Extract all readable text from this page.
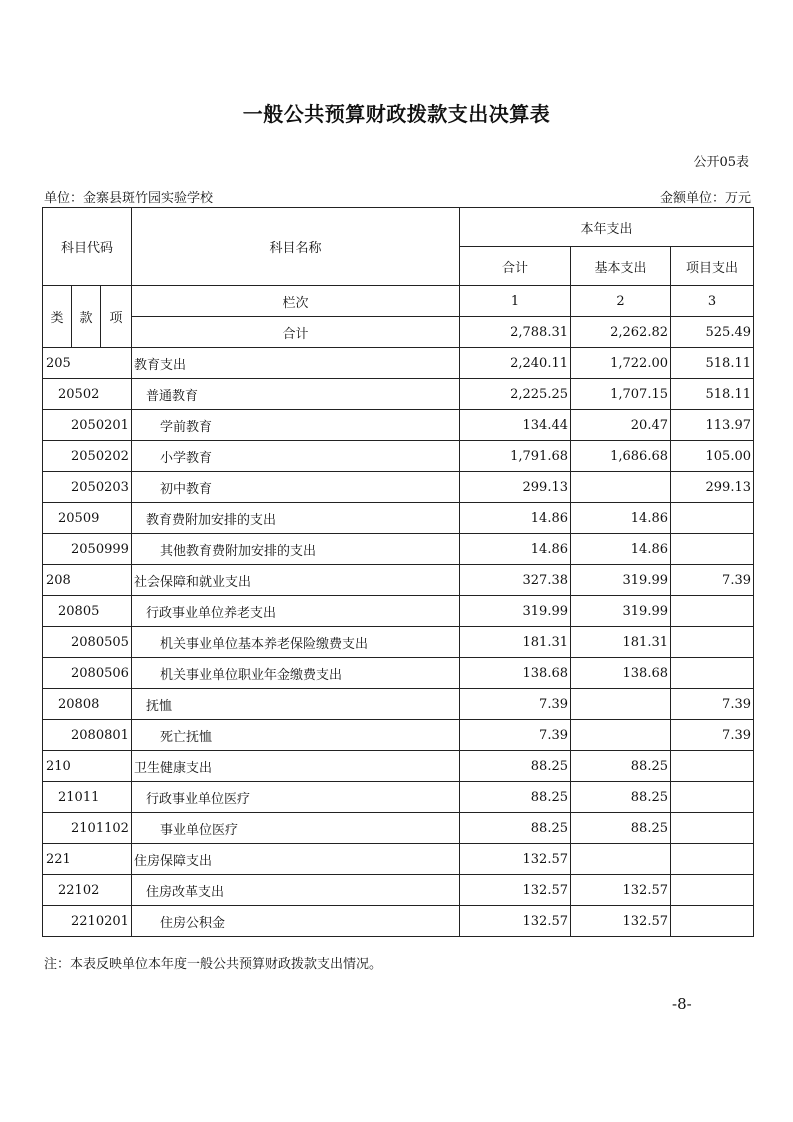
一般公共预算财政拨款支出决算表
公开05表
单位：金寨县斑竹园实验学校	金额单位：万元
科目代码			科目名称	本年支出		
				合计	基本支出	项目支出
类	款	项	栏次	1	2	3
			合计	2,788.31	2,262.82	525.49
205			教育支出	2,240.11	1,722.00	518.11
20502			普通教育	2,225.25	1,707.15	518.11
2050201			学前教育	134.44	20.47	113.97
2050202			小学教育	1,791.68	1,686.68	105.00
2050203			初中教育	299.13		299.13
20509			教育费附加安排的支出	14.86	14.86	
2050999			其他教育费附加安排的支出	14.86	14.86	
208			社会保障和就业支出	327.38	319.99	7.39
20805			行政事业单位养老支出	319.99	319.99	
2080505			机关事业单位基本养老保险缴费支出	181.31	181.31	
2080506			机关事业单位职业年金缴费支出	138.68	138.68	
20808			抚恤	7.39		7.39
2080801			死亡抚恤	7.39		7.39
210			卫生健康支出	88.25	88.25	
21011			行政事业单位医疗	88.25	88.25	
2101102			事业单位医疗	88.25	88.25	
221			住房保障支出	132.57		
22102			住房改革支出	132.57	132.57	
2210201			住房公积金	132.57	132.57	
注：本表反映单位本年度一般公共预算财政拨款支出情况。
-8-
